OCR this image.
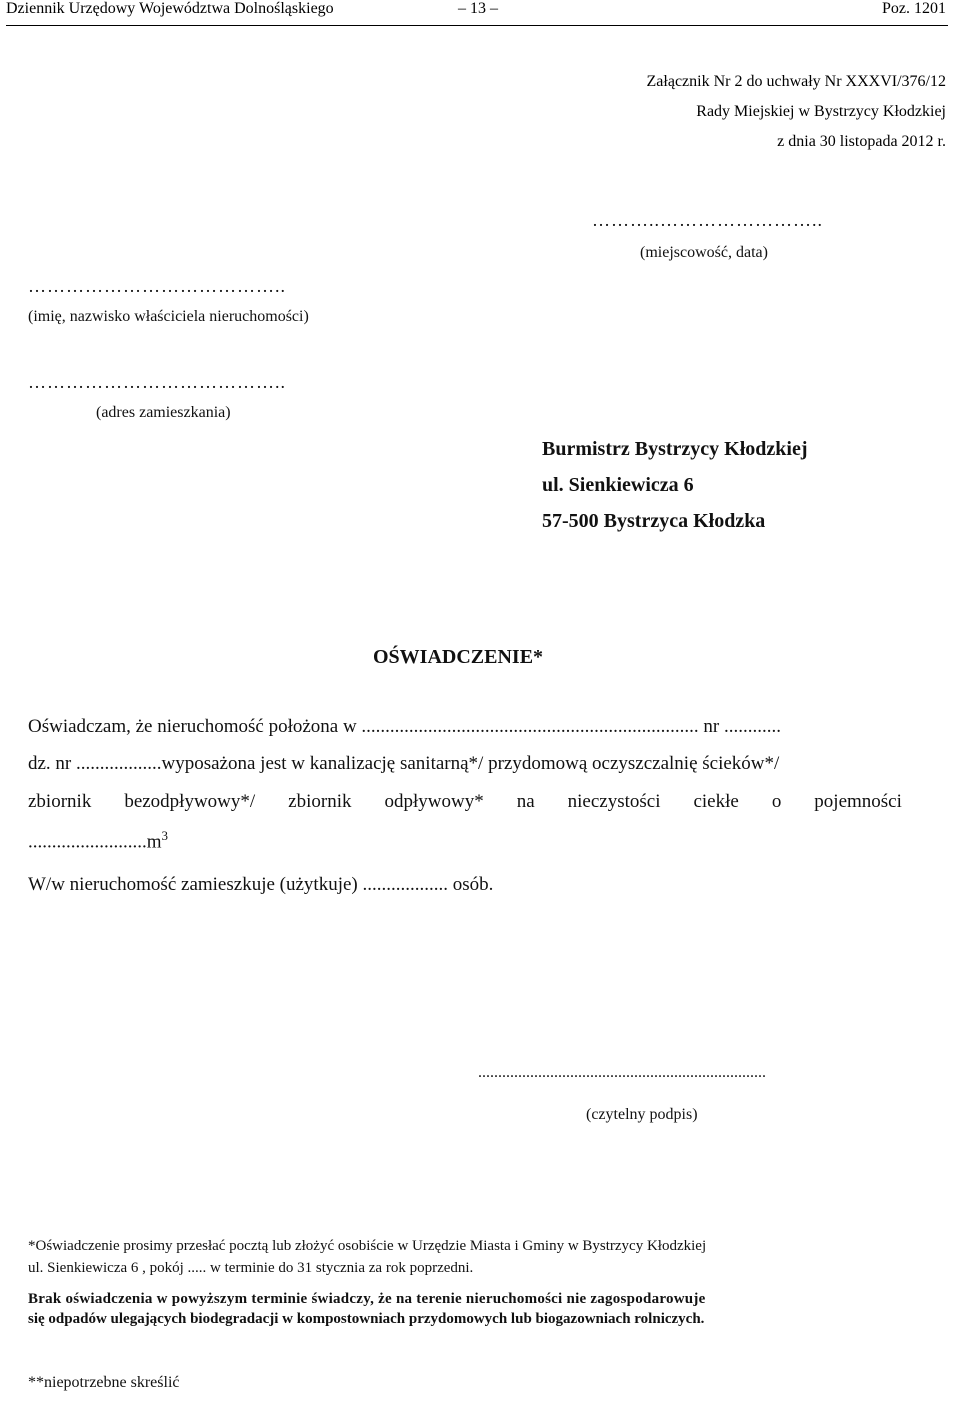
Dziennik Urzędowy Województwa Dolnośląskiego	– 13 –	Poz. 1201
Załącznik Nr 2 do uchwały Nr XXXVI/376/12
Rady Miejskiej w Bystrzycy Kłodzkiej
z dnia 30 listopada 2012 r.
………..……………………..
(miejscowość, data)
…………………………………..
(imię, nazwisko właściciela nieruchomości)
…………………………………..
(adres zamieszkania)
Burmistrz Bystrzycy Kłodzkiej
ul. Sienkiewicza 6
57-500 Bystrzyca Kłodzka
OŚWIADCZENIE*
Oświadczam, że nieruchomość położona w ....................................................................... nr ............
dz. nr ..................wyposażona jest w kanalizację sanitarną*/ przydomową oczyszczalnię ścieków*/
zbiornik bezodpływowy*/ zbiornik odpływowy* na nieczystości ciekłe o pojemności
$.........................m^3$
W/w nieruchomość zamieszkuje (użytkuje) .................. osób.
........................................................................
(czytelny podpis)
*Oświadczenie prosimy przesłać pocztą lub złożyć osobiście w Urzędzie Miasta i Gminy w Bystrzycy Kłodzkiej
ul. Sienkiewicza 6 , pokój ..... w terminie do 31 stycznia za rok poprzedni.
Brak oświadczenia w powyższym terminie świadczy, że na terenie nieruchomości nie zagospodarowuje
się odpadów ulegających biodegradacji w kompostowniach przydomowych lub biogazowniach rolniczych.
**niepotrzebne skreślić
